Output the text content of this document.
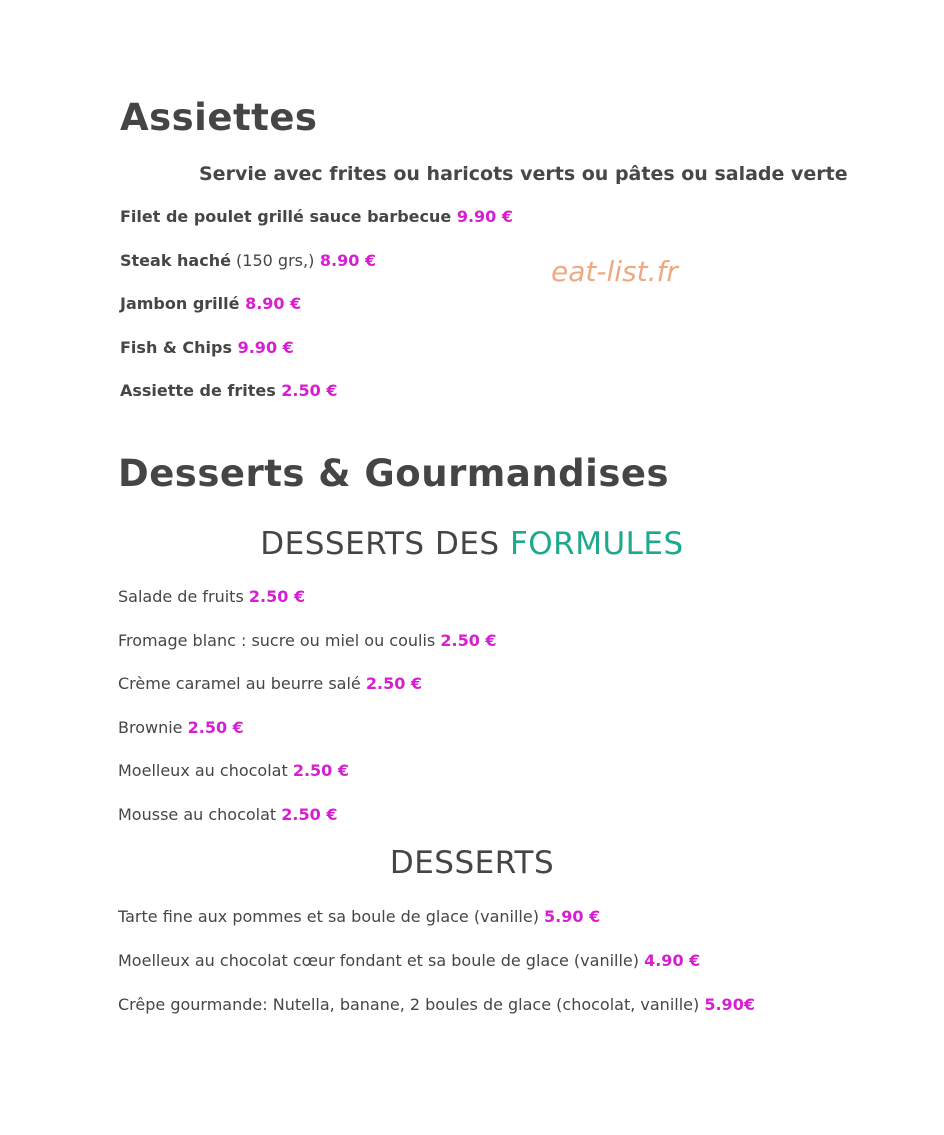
Assiettes
Servie avec frites ou haricots verts ou pâtes ou salade verte
Filet de poulet grillé sauce barbecue 9.90 €
Steak haché (150 grs,) 8.90 €
Jambon grillé 8.90 €
Fish & Chips 9.90 €
Assiette de frites 2.50 €
eat-list.fr
Desserts & Gourmandises
DESSERTS DES FORMULES
Salade de fruits 2.50 €
Fromage blanc : sucre ou miel ou coulis 2.50 €
Crème caramel au beurre salé 2.50 €
Brownie 2.50 €
Moelleux au chocolat 2.50 €
Mousse au chocolat 2.50 €
DESSERTS
Tarte fine aux pommes et sa boule de glace (vanille) 5.90 €
Moelleux au chocolat cœur fondant et sa boule de glace (vanille) 4.90 €
Crêpe gourmande: Nutella, banane, 2 boules de glace (chocolat, vanille) 5.90€
